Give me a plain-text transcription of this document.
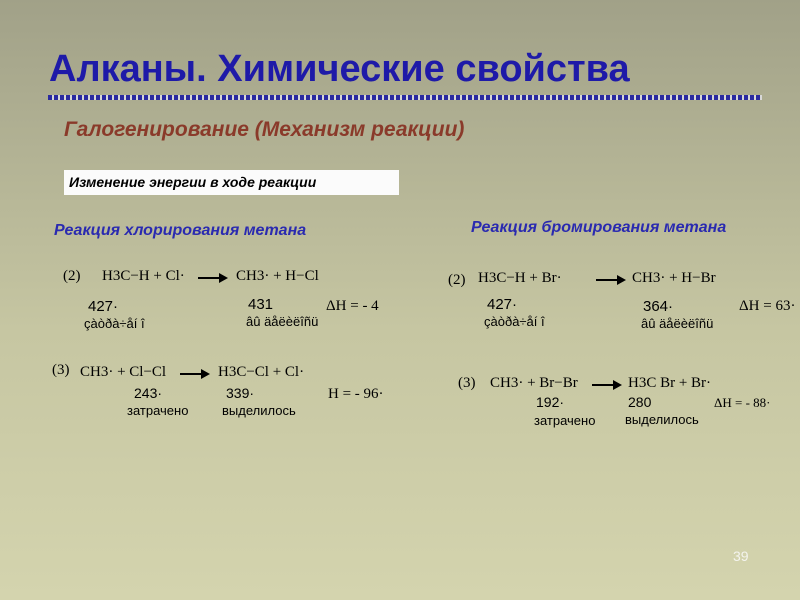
Алканы. Химические свойства
Галогенирование (Механизм реакции)
Изменение энергии в ходе реакции
Реакция хлорирования метана
(2) H3C−H + Cl·	CH3· + H−Cl
427·
çàòðà÷åí î
431
âû äåëèëîñü
ΔH = - 4
(3) CH3· + Cl−Cl	H3C−Cl + Cl·
243·
затрачено
339·
выделилось
H = - 96·
Реакция бромирования метана
(2) H3C−H + Br·	CH3· + H−Br
427·
çàòðà÷åí î
364·
âû äåëèëîñü
ΔH = 63·
(3) CH3· + Br−Br	H3C Br + Br·
192·
затрачено
280
выделилось
ΔH = - 88·
39
